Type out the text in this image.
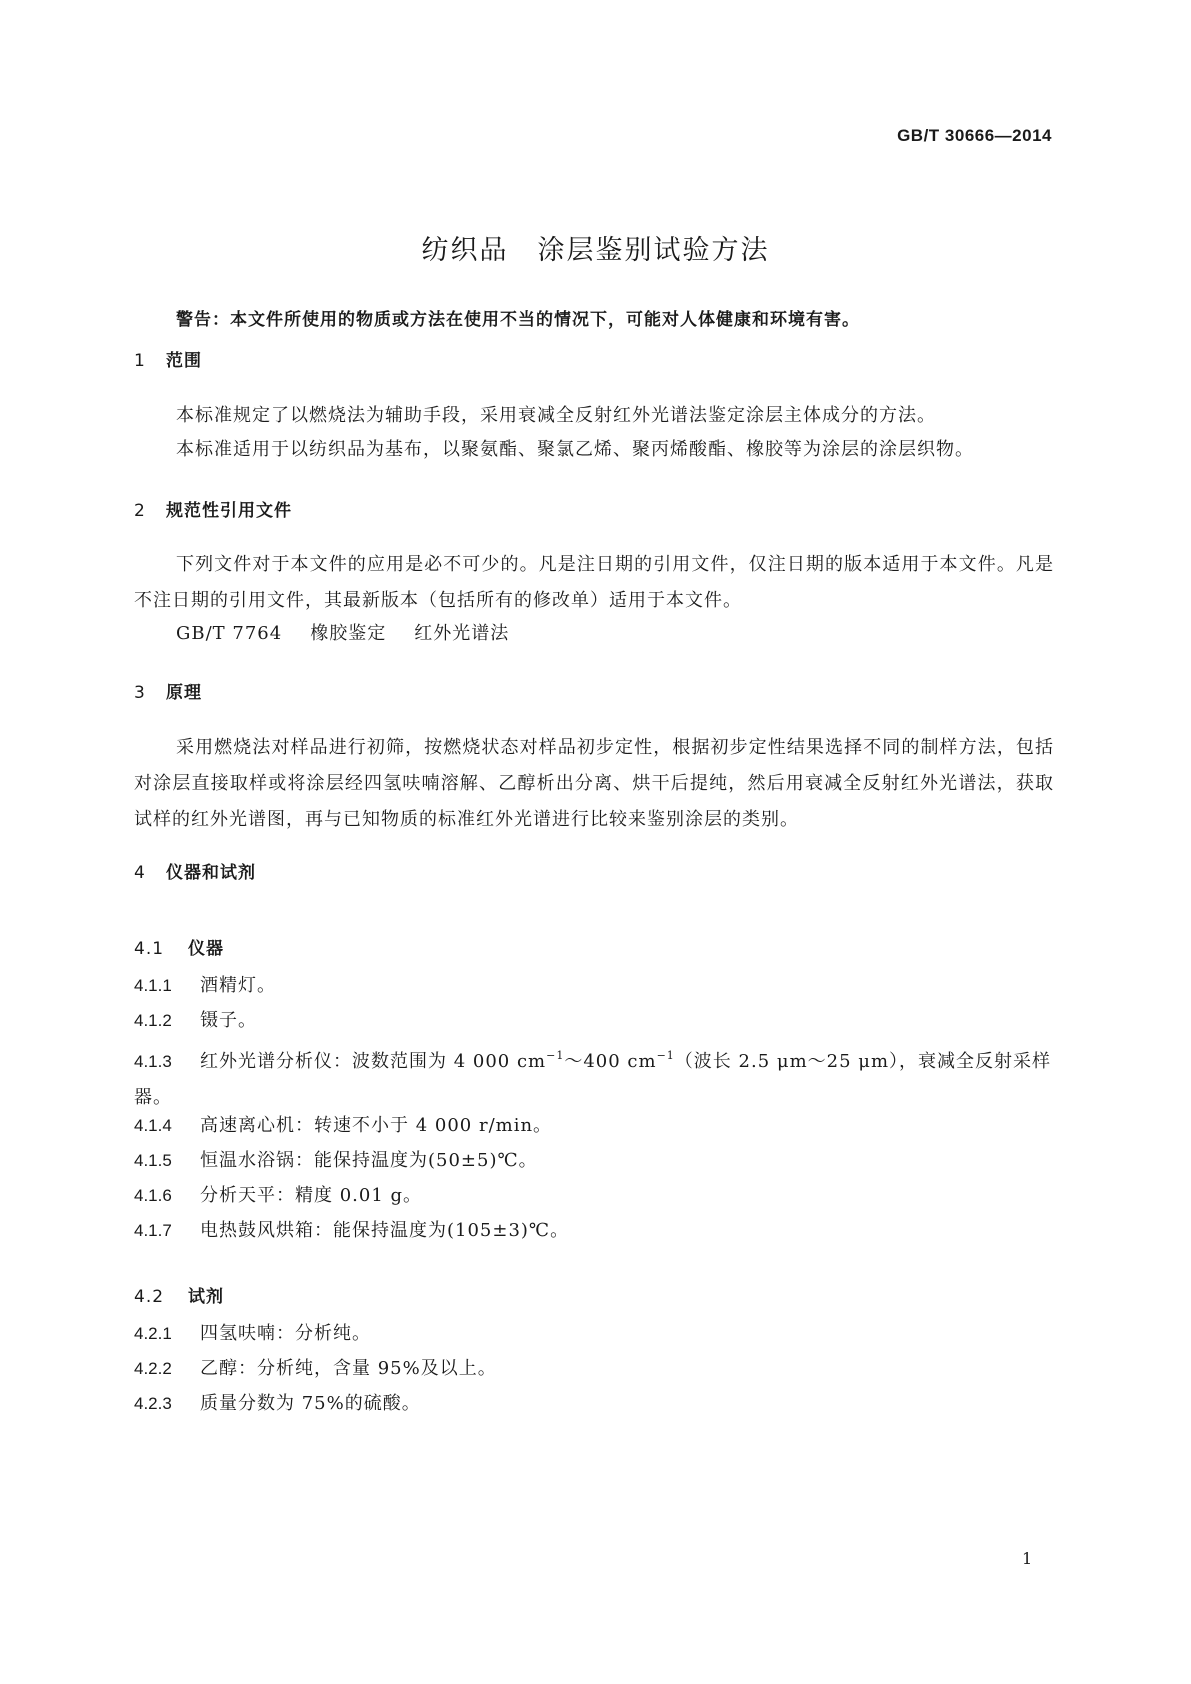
GB/T 30666—2014
纺织品　涂层鉴别试验方法
警告：本文件所使用的物质或方法在使用不当的情况下，可能对人体健康和环境有害。
1 范围
本标准规定了以燃烧法为辅助手段，采用衰减全反射红外光谱法鉴定涂层主体成分的方法。
本标准适用于以纺织品为基布，以聚氨酯、聚氯乙烯、聚丙烯酸酯、橡胶等为涂层的涂层织物。
2 规范性引用文件
下列文件对于本文件的应用是必不可少的。凡是注日期的引用文件，仅注日期的版本适用于本文件。凡是不注日期的引用文件，其最新版本（包括所有的修改单）适用于本文件。
GB/T 7764 橡胶鉴定 红外光谱法
3 原理
采用燃烧法对样品进行初筛，按燃烧状态对样品初步定性，根据初步定性结果选择不同的制样方法，包括对涂层直接取样或将涂层经四氢呋喃溶解、乙醇析出分离、烘干后提纯，然后用衰减全反射红外光谱法，获取试样的红外光谱图，再与已知物质的标准红外光谱进行比较来鉴别涂层的类别。
4 仪器和试剂
4.1 仪器
4.1.1 酒精灯。
4.1.2 镊子。
4.1.3 红外光谱分析仪：波数范围为 4 000 $cm^{-1}\sim 400$ $cm^{-1}$（波长 2.5 μm～25 μm），衰减全反射采样器。
4.1.4 高速离心机：转速不小于 4 000 r/min。
4.1.5 恒温水浴锅：能保持温度为(50±5)℃。
4.1.6 分析天平：精度 0.01 g。
4.1.7 电热鼓风烘箱：能保持温度为(105±3)℃。
4.2 试剂
4.2.1 四氢呋喃：分析纯。
4.2.2 乙醇：分析纯，含量 95%及以上。
4.2.3 质量分数为 75%的硫酸。
1
